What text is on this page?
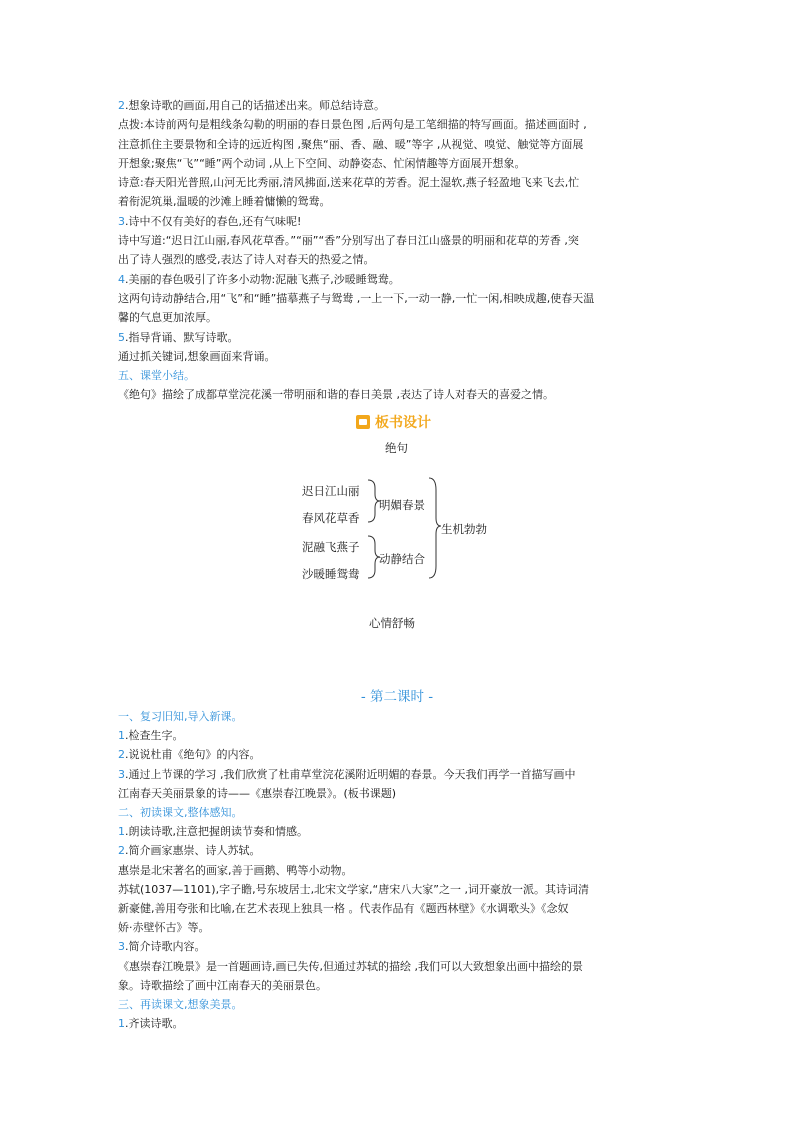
2.想象诗歌的画面,用自己的话描述出来。师总结诗意。
点拨:本诗前两句是粗线条勾勒的明丽的春日景色图 ,后两句是工笔细描的特写画面。描述画面时 ,
注意抓住主要景物和全诗的远近构图 ,聚焦“丽、香、融、暖”等字 ,从视觉、嗅觉、触觉等方面展
开想象;聚焦“飞”“睡”两个动词 ,从上下空间、动静姿态、忙闲情趣等方面展开想象。
诗意:春天阳光普照,山河无比秀丽,清风拂面,送来花草的芳香。泥土湿软,燕子轻盈地飞来飞去,忙
着衔泥筑巢,温暖的沙滩上睡着慵懒的鸳鸯。
3.诗中不仅有美好的春色,还有气味呢!
诗中写道:“迟日江山丽,春风花草香。”“丽”“香”分别写出了春日江山盛景的明丽和花草的芳香 ,突
出了诗人强烈的感受,表达了诗人对春天的热爱之情。
4.美丽的春色吸引了许多小动物:泥融飞燕子,沙暖睡鸳鸯。
这两句诗动静结合,用“飞”和“睡”描摹燕子与鸳鸯 ,一上一下,一动一静,一忙一闲,相映成趣,使春天温
馨的气息更加浓厚。
5.指导背诵、默写诗歌。
通过抓关键词,想象画面来背诵。
五、课堂小结。
《绝句》描绘了成都草堂浣花溪一带明丽和谐的春日美景 ,表达了诗人对春天的喜爱之情。
板书设计
绝句
迟日江山丽
春风花草香
泥融飞燕子
沙暖睡鸳鸯
明媚春景
动静结合
生机勃勃
心情舒畅
- 第二课时 -
一、复习旧知,导入新课。
1.检查生字。
2.说说杜甫《绝句》的内容。
3.通过上节课的学习 ,我们欣赏了杜甫草堂浣花溪附近明媚的春景。今天我们再学一首描写画中
江南春天美丽景象的诗——《惠崇春江晚景》。(板书课题)
二、初读课文,整体感知。
1.朗读诗歌,注意把握朗读节奏和情感。
2.简介画家惠崇、诗人苏轼。
惠崇是北宋著名的画家,善于画鹅、鸭等小动物。
苏轼(1037—1101),字子瞻,号东坡居士,北宋文学家,“唐宋八大家”之一 ,词开豪放一派。其诗词清
新豪健,善用夸张和比喻,在艺术表现上独具一格 。代表作品有《题西林壁》《水调歌头》《念奴
娇·赤壁怀古》等。
3.简介诗歌内容。
《惠崇春江晚景》是一首题画诗,画已失传,但通过苏轼的描绘 ,我们可以大致想象出画中描绘的景
象。诗歌描绘了画中江南春天的美丽景色。
三、再读课文,想象美景。
1.齐读诗歌。
